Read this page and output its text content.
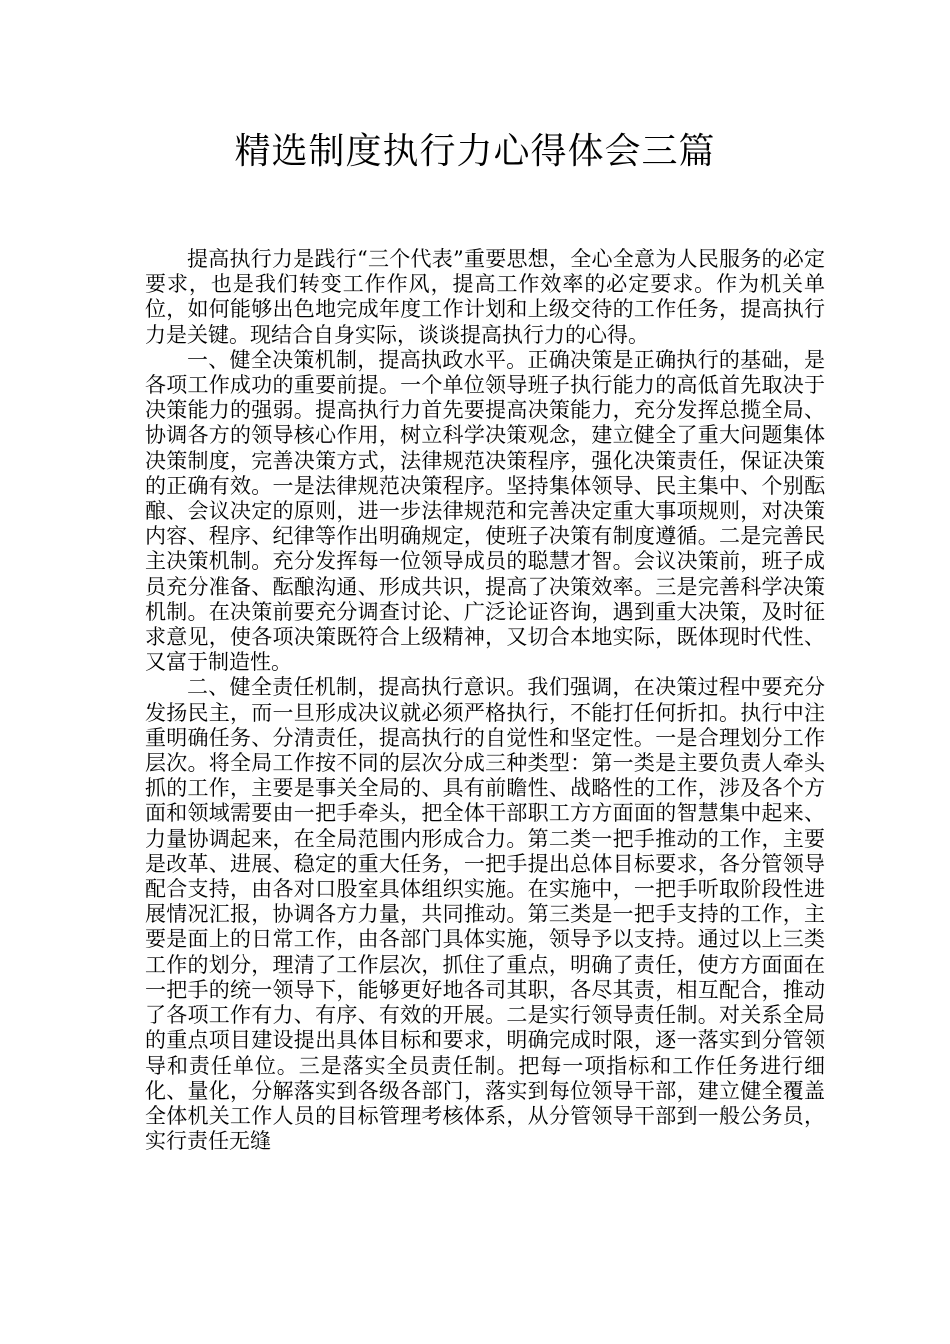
精选制度执行力心得体会三篇

提高执行力是践行“三个代表”重要思想，全心全意为人民服务的必定要求，也是我们转变工作作风，提高工作效率的必定要求。作为机关单位，如何能够出色地完成年度工作计划和上级交待的工作任务，提高执行力是关键。现结合自身实际，谈谈提高执行力的心得。

一、健全决策机制，提高执政水平。正确决策是正确执行的基础，是各项工作成功的重要前提。一个单位领导班子执行能力的高低首先取决于决策能力的强弱。提高执行力首先要提高决策能力，充分发挥总揽全局、协调各方的领导核心作用，树立科学决策观念，建立健全了重大问题集体决策制度，完善决策方式，法律规范决策程序，强化决策责任，保证决策的正确有效。一是法律规范决策程序。坚持集体领导、民主集中、个别酝酿、会议决定的原则，进一步法律规范和完善决定重大事项规则，对决策内容、程序、纪律等作出明确规定，使班子决策有制度遵循。二是完善民主决策机制。充分发挥每一位领导成员的聪慧才智。会议决策前，班子成员充分准备、酝酿沟通、形成共识，提高了决策效率。三是完善科学决策机制。在决策前要充分调查讨论、广泛论证咨询，遇到重大决策，及时征求意见，使各项决策既符合上级精神，又切合本地实际，既体现时代性、又富于制造性。

二、健全责任机制，提高执行意识。我们强调，在决策过程中要充分发扬民主，而一旦形成决议就必须严格执行，不能打任何折扣。执行中注重明确任务、分清责任，提高执行的自觉性和坚定性。一是合理划分工作层次。将全局工作按不同的层次分成三种类型：第一类是主要负责人牵头抓的工作，主要是事关全局的、具有前瞻性、战略性的工作，涉及各个方面和领域需要由一把手牵头，把全体干部职工方方面面的智慧集中起来、力量协调起来，在全局范围内形成合力。第二类一把手推动的工作，主要是改革、进展、稳定的重大任务，一把手提出总体目标要求，各分管领导配合支持，由各对口股室具体组织实施。在实施中，一把手听取阶段性进展情况汇报，协调各方力量，共同推动。第三类是一把手支持的工作，主要是面上的日常工作，由各部门具体实施，领导予以支持。通过以上三类工作的划分，理清了工作层次，抓住了重点，明确了责任，使方方面面在一把手的统一领导下，能够更好地各司其职，各尽其责，相互配合，推动了各项工作有力、有序、有效的开展。二是实行领导责任制。对关系全局的重点项目建设提出具体目标和要求，明确完成时限，逐一落实到分管领导和责任单位。三是落实全员责任制。把每一项指标和工作任务进行细化、量化，分解落实到各级各部门，落实到每位领导干部，建立健全覆盖全体机关工作人员的目标管理考核体系，从分管领导干部到一般公务员，实行责任无缝
